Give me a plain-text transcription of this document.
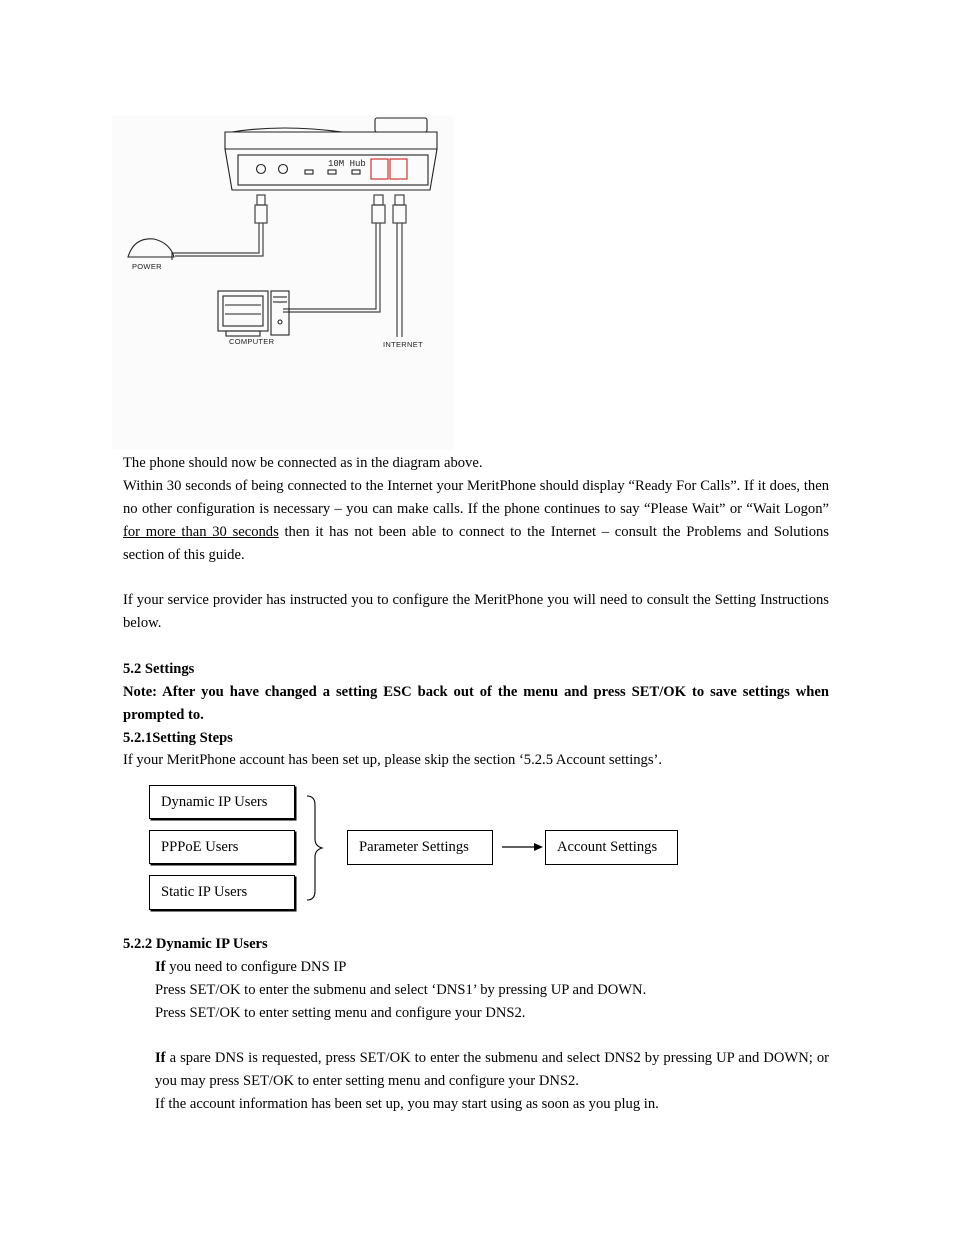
10M Hub
POWER
COMPUTER	INTERNET
The phone should now be connected as in the diagram above.

Within 30 seconds of being connected to the Internet your MeritPhone should display “Ready For Calls”. If it does, then no other configuration is necessary – you can make calls. If the phone continues to say “Please Wait” or “Wait Logon” for more than 30 seconds then it has not been able to connect to the Internet – consult the Problems and Solutions section of this guide.

If your service provider has instructed you to configure the MeritPhone you will need to consult the Setting Instructions below.

5.2 Settings

Note: After you have changed a setting ESC back out of the menu and press SET/OK to save settings when prompted to.

5.2.1Setting Steps
If your MeritPhone account has been set up, please skip the section ‘5.2.5 Account settings’.
Dynamic IP Users
PPPoE Users
Static IP Users
Parameter Settings	Account Settings
5.2.2 Dynamic IP Users
If you need to configure DNS IP
Press SET/OK to enter the submenu and select ‘DNS1’ by pressing UP and DOWN.
Press SET/OK to enter setting menu and configure your DNS2.

If a spare DNS is requested, press SET/OK to enter the submenu and select DNS2 by pressing UP and DOWN; or you may press SET/OK to enter setting menu and configure your DNS2.

If the account information has been set up, you may start using as soon as you plug in.
